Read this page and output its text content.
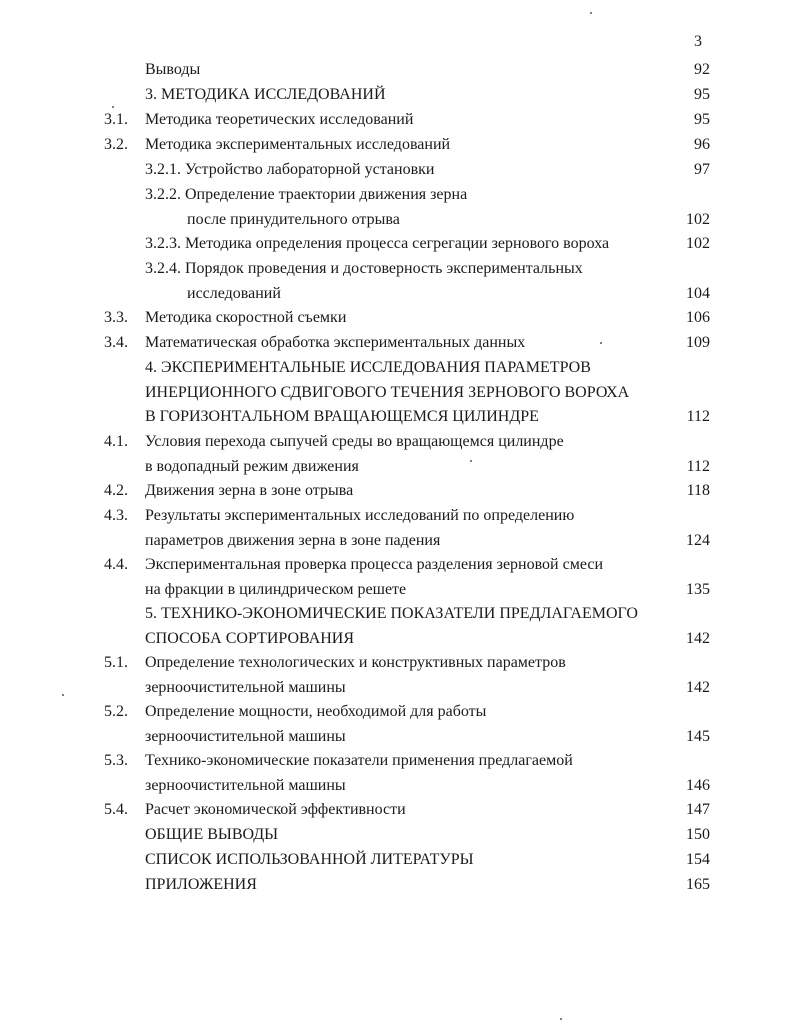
3
Выводы	92
3. МЕТОДИКА ИССЛЕДОВАНИЙ	95
3.1. Методика теоретических исследований	95
3.2. Методика экспериментальных исследований	96
3.2.1. Устройство лабораторной установки	97
3.2.2. Определение траектории движения зерна
после принудительного отрыва	102
3.2.3. Методика определения процесса сегрегации зернового вороха	102
3.2.4. Порядок проведения и достоверность экспериментальных
исследований	104
3.3. Методика скоростной съемки	106
3.4. Математическая обработка экспериментальных данных	109
4. ЭКСПЕРИМЕНТАЛЬНЫЕ ИССЛЕДОВАНИЯ ПАРАМЕТРОВ
ИНЕРЦИОННОГО СДВИГОВОГО ТЕЧЕНИЯ ЗЕРНОВОГО ВОРОХА
В ГОРИЗОНТАЛЬНОМ ВРАЩАЮЩЕМСЯ ЦИЛИНДРЕ	112
4.1. Условия перехода сыпучей среды во вращающемся цилиндре
в водопадный режим движения	112
4.2. Движения зерна в зоне отрыва	118
4.3. Результаты экспериментальных исследований по определению
параметров движения зерна в зоне падения	124
4.4. Экспериментальная проверка процесса разделения зерновой смеси
на фракции в цилиндрическом решете	135
5. ТЕХНИКО-ЭКОНОМИЧЕСКИЕ ПОКАЗАТЕЛИ ПРЕДЛАГАЕМОГО
СПОСОБА СОРТИРОВАНИЯ	142
5.1. Определение технологических и конструктивных параметров
зерноочистительной машины	142
5.2. Определение мощности, необходимой для работы
зерноочистительной машины	145
5.3. Технико-экономические показатели применения предлагаемой
зерноочистительной машины	146
5.4. Расчет экономической эффективности	147
ОБЩИЕ ВЫВОДЫ	150
СПИСОК ИСПОЛЬЗОВАННОЙ ЛИТЕРАТУРЫ	154
ПРИЛОЖЕНИЯ	165
